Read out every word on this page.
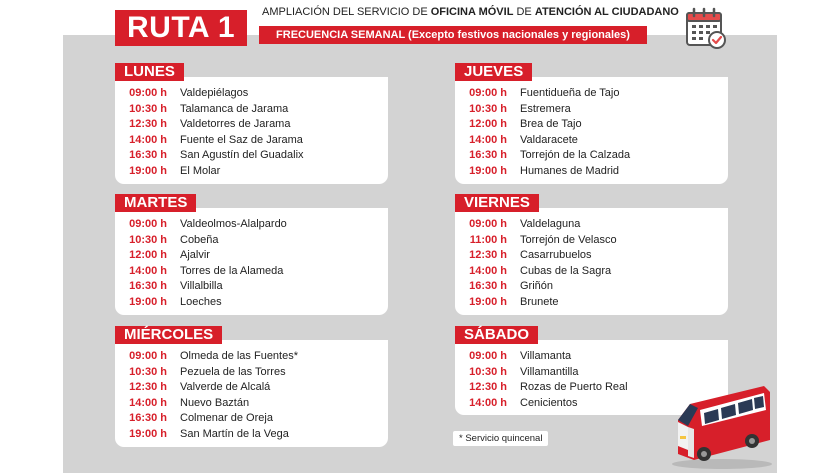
RUTA 1	AMPLIACIÓN DEL SERVICIO DE OFICINA MÓVIL DE ATENCIÓN AL CIUDADANO
FRECUENCIA SEMANAL (Excepto festivos nacionales y regionales)
LUNES
09:00 h Valdepiélagos
10:30 h Talamanca de Jarama
12:30 h Valdetorres de Jarama
14:00 h Fuente el Saz de Jarama
16:30 h San Agustín del Guadalix
19:00 h El Molar
JUEVES
09:00 h Fuentidueña de Tajo
10:30 h Estremera
12:00 h Brea de Tajo
14:00 h Valdaracete
16:30 h Torrejón de la Calzada
19:00 h Humanes de Madrid
MARTES
09:00 h Valdeolmos-Alalpardo
10:30 h Cobeña
12:00 h Ajalvir
14:00 h Torres de la Alameda
16:30 h Villalbilla
19:00 h Loeches
VIERNES
09:00 h Valdelaguna
11:00 h Torrejón de Velasco
12:30 h Casarrubuelos
14:00 h Cubas de la Sagra
16:30 h Griñón
19:00 h Brunete
MIÉRCOLES
09:00 h Olmeda de las Fuentes*
10:30 h Pezuela de las Torres
12:30 h Valverde de Alcalá
14:00 h Nuevo Baztán
16:30 h Colmenar de Oreja
19:00 h San Martín de la Vega
SÁBADO
09:00 h Villamanta
10:30 h Villamantilla
12:30 h Rozas de Puerto Real
14:00 h Cenicientos
* Servicio quincenal
